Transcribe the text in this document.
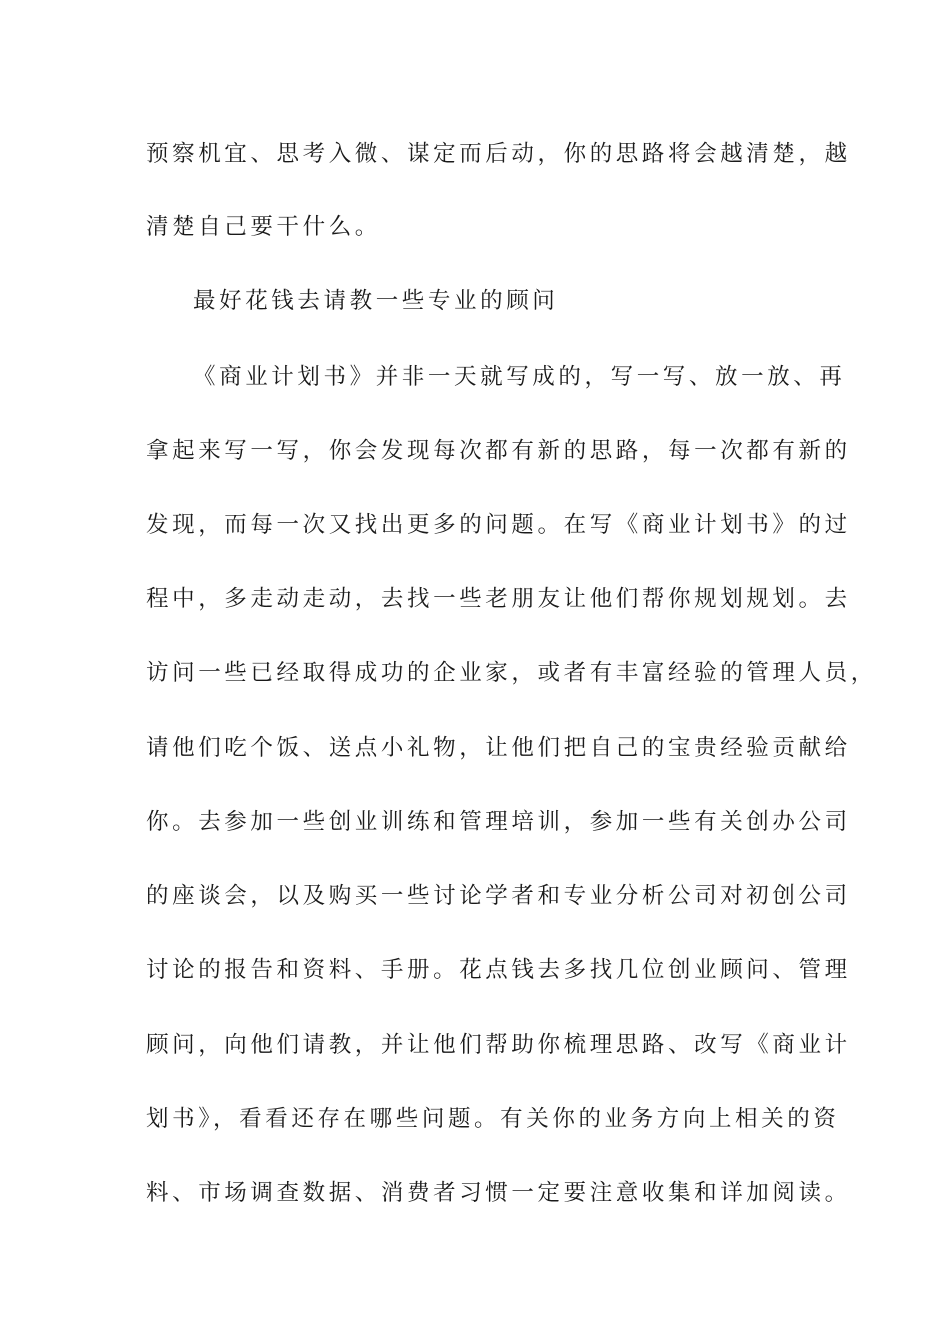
预察机宜、思考入微、谋定而后动，你的思路将会越清楚，越
清楚自己要干什么。
最好花钱去请教一些专业的顾问
《商业计划书》并非一天就写成的，写一写、放一放、再
拿起来写一写，你会发现每次都有新的思路，每一次都有新的
发现，而每一次又找出更多的问题。在写《商业计划书》的过
程中，多走动走动，去找一些老朋友让他们帮你规划规划。去
访问一些已经取得成功的企业家，或者有丰富经验的管理人员，
请他们吃个饭、送点小礼物，让他们把自己的宝贵经验贡献给
你。去参加一些创业训练和管理培训，参加一些有关创办公司
的座谈会，以及购买一些讨论学者和专业分析公司对初创公司
讨论的报告和资料、手册。花点钱去多找几位创业顾问、管理
顾问，向他们请教，并让他们帮助你梳理思路、改写《商业计
划书》，看看还存在哪些问题。有关你的业务方向上相关的资
料、市场调查数据、消费者习惯一定要注意收集和详加阅读。
